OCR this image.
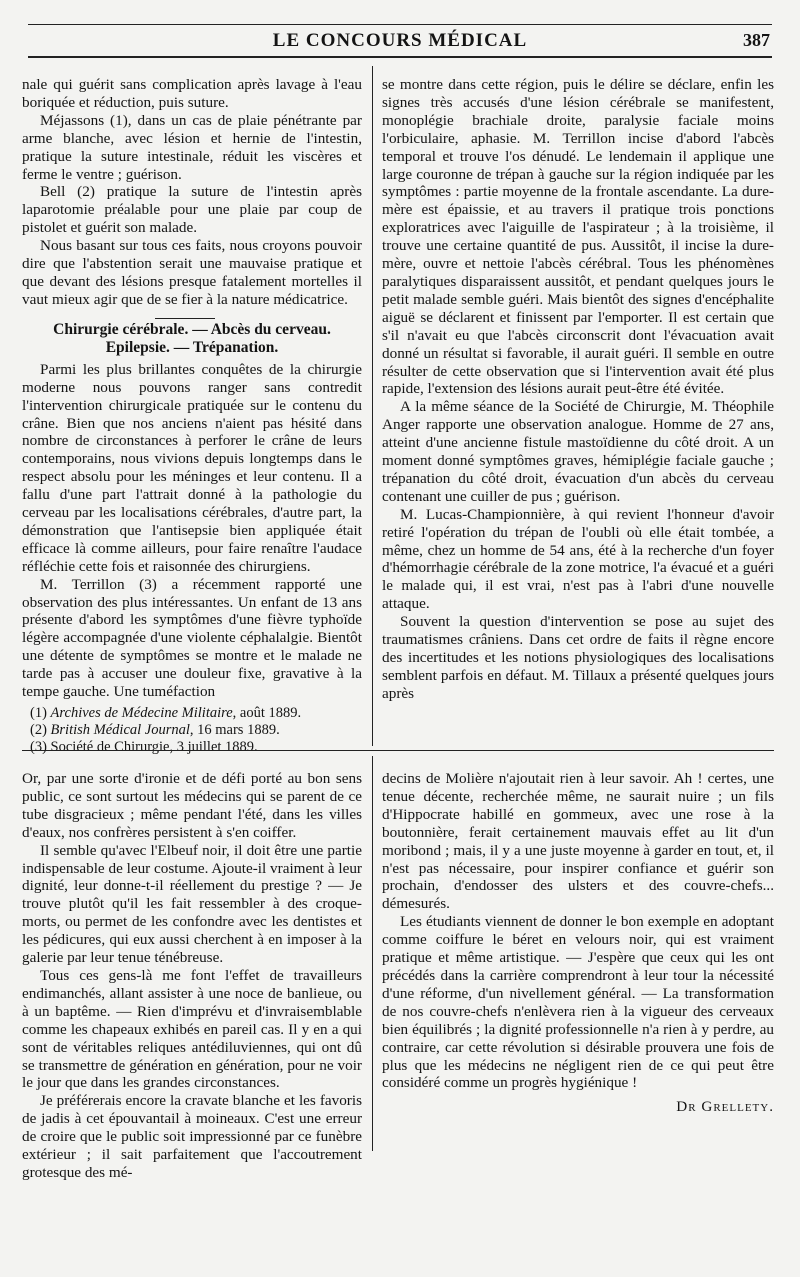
LE CONCOURS MÉDICAL	387

nale qui guérit sans complication après lavage à l'eau boriquée et réduction, puis suture.

Méjassons (1), dans un cas de plaie pénétrante par arme blanche, avec lésion et hernie de l'intestin, pratique la suture intestinale, réduit les viscères et ferme le ventre ; guérison.

Bell (2) pratique la suture de l'intestin après laparotomie préalable pour une plaie par coup de pistolet et guérit son malade.

Nous basant sur tous ces faits, nous croyons pouvoir dire que l'abstention serait une mauvaise pratique et que devant des lésions presque fatalement mortelles il vaut mieux agir que de se fier à la nature médicatrice.

Chirurgie cérébrale. — Abcès du cerveau.
Epilepsie. — Trépanation.

Parmi les plus brillantes conquêtes de la chirurgie moderne nous pouvons ranger sans contredit l'intervention chirurgicale pratiquée sur le contenu du crâne. Bien que nos anciens n'aient pas hésité dans nombre de circonstances à perforer le crâne de leurs contemporains, nous vivions depuis longtemps dans le respect absolu pour les méninges et leur contenu. Il a fallu d'une part l'attrait donné à la pathologie du cerveau par les localisations cérébrales, d'autre part, la démonstration que l'antisepsie bien appliquée était efficace là comme ailleurs, pour faire renaître l'audace réfléchie cette fois et raisonnée des chirurgiens.

M. Terrillon (3) a récemment rapporté une observation des plus intéressantes. Un enfant de 13 ans présente d'abord les symptômes d'une fièvre typhoïde légère accompagnée d'une violente céphalalgie. Bientôt une détente de symptômes se montre et le malade ne tarde pas à accuser une douleur fixe, gravative à la tempe gauche. Une tuméfaction

(1) Archives de Médecine Militaire, août 1889.
(2) British Médical Journal, 16 mars 1889.
(3) Société de Chirurgie, 3 juillet 1889.

se montre dans cette région, puis le délire se déclare, enfin les signes très accusés d'une lésion cérébrale se manifestent, monoplégie brachiale droite, paralysie faciale moins l'orbiculaire, aphasie. M. Terrillon incise d'abord l'abcès temporal et trouve l'os dénudé. Le lendemain il applique une large couronne de trépan à gauche sur la région indiquée par les symptômes : partie moyenne de la frontale ascendante. La dure-mère est épaissie, et au travers il pratique trois ponctions exploratrices avec l'aiguille de l'aspirateur ; à la troisième, il trouve une certaine quantité de pus. Aussitôt, il incise la dure-mère, ouvre et nettoie l'abcès cérébral. Tous les phénomènes paralytiques disparaissent aussitôt, et pendant quelques jours le petit malade semble guéri. Mais bientôt des signes d'encéphalite aiguë se déclarent et finissent par l'emporter. Il est certain que s'il n'avait eu que l'abcès circonscrit dont l'évacuation avait donné un résultat si favorable, il aurait guéri. Il semble en outre résulter de cette observation que si l'intervention avait été plus rapide, l'extension des lésions aurait peut-être été évitée.

A la même séance de la Société de Chirurgie, M. Théophile Anger rapporte une observation analogue. Homme de 27 ans, atteint d'une ancienne fistule mastoïdienne du côté droit. A un moment donné symptômes graves, hémiplégie faciale gauche ; trépanation du côté droit, évacuation d'un abcès du cerveau contenant une cuiller de pus ; guérison.

M. Lucas-Championnière, à qui revient l'honneur d'avoir retiré l'opération du trépan de l'oubli où elle était tombée, a même, chez un homme de 54 ans, été à la recherche d'un foyer d'hémorrhagie cérébrale de la zone motrice, l'a évacué et a guéri le malade qui, il est vrai, n'est pas à l'abri d'une nouvelle attaque.

Souvent la question d'intervention se pose au sujet des traumatismes crâniens. Dans cet ordre de faits il règne encore des incertitudes et les notions physiologiques des localisations semblent parfois en défaut. M. Tillaux a présenté quelques jours après

Or, par une sorte d'ironie et de défi porté au bon sens public, ce sont surtout les médecins qui se parent de ce tube disgracieux ; même pendant l'été, dans les villes d'eaux, nos confrères persistent à s'en coiffer.

Il semble qu'avec l'Elbeuf noir, il doit être une partie indispensable de leur costume. Ajoute-il vraiment à leur dignité, leur donne-t-il réellement du prestige ? — Je trouve plutôt qu'il les fait ressembler à des croque-morts, ou permet de les confondre avec les dentistes et les pédicures, qui eux aussi cherchent à en imposer à la galerie par leur tenue ténébreuse.

Tous ces gens-là me font l'effet de travailleurs endimanchés, allant assister à une noce de banlieue, ou à un baptême. — Rien d'imprévu et d'invraisemblable comme les chapeaux exhibés en pareil cas. Il y en a qui sont de véritables reliques antédiluviennes, qui ont dû se transmettre de génération en génération, pour ne voir le jour que dans les grandes circonstances.

Je préférerais encore la cravate blanche et les favoris de jadis à cet épouvantail à moineaux. C'est une erreur de croire que le public soit impressionné par ce funèbre extérieur ; il sait parfaitement que l'accoutrement grotesque des mé-

decins de Molière n'ajoutait rien à leur savoir. Ah ! certes, une tenue décente, recherchée même, ne saurait nuire ; un fils d'Hippocrate habillé en gommeux, avec une rose à la boutonnière, ferait certainement mauvais effet au lit d'un moribond ; mais, il y a une juste moyenne à garder en tout, et, il n'est pas nécessaire, pour inspirer confiance et guérir son prochain, d'endosser des ulsters et des couvre-chefs... démesurés.

Les étudiants viennent de donner le bon exemple en adoptant comme coiffure le béret en velours noir, qui est vraiment pratique et même artistique. — J'espère que ceux qui les ont précédés dans la carrière comprendront à leur tour la nécessité d'une réforme, d'un nivellement général. — La transformation de nos couvre-chefs n'enlèvera rien à la vigueur des cerveaux bien équilibrés ; la dignité professionnelle n'a rien à y perdre, au contraire, car cette révolution si désirable prouvera une fois de plus que les médecins ne négligent rien de ce qui peut être considéré comme un progrès hygiénique !

Dr Grellety.
